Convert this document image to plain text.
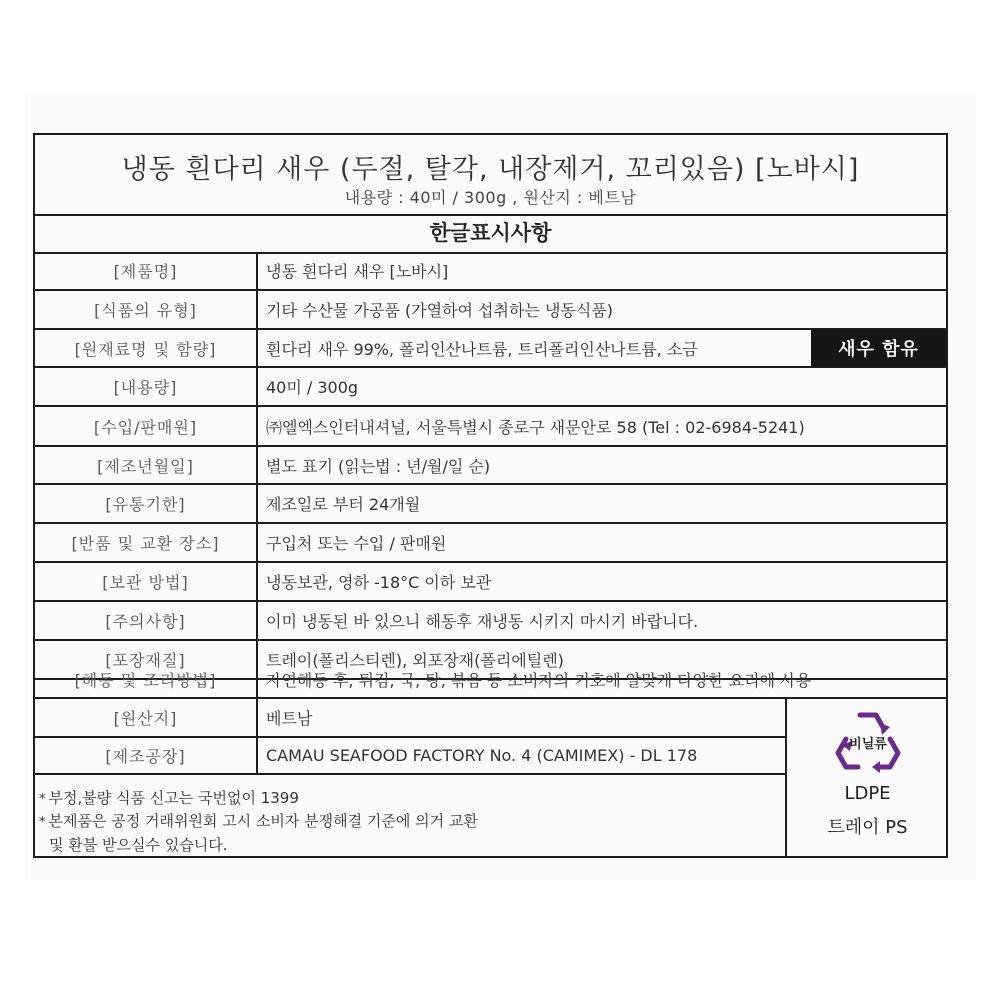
냉동 흰다리 새우 (두절, 탈각, 내장제거, 꼬리있음) [노바시]
내용량 : 40미 / 300g , 원산지 : 베트남
한글표시사항
[제품명]	냉동 흰다리 새우 [노바시]
[식품의 유형]	기타 수산물 가공품 (가열하여 섭취하는 냉동식품)
[원재료명 및 함량]	흰다리 새우 99%, 폴리인산나트륨, 트리폴리인산나트륨, 소금	새우 함유
[내용량]	40미 / 300g
[수입/판매원]	㈜엘엑스인터내셔널, 서울특별시 종로구 새문안로 58 (Tel : 02-6984-5241)
[제조년월일]	별도 표기 (읽는법 : 년/월/일 순)
[유통기한]	제조일로 부터 24개월
[반품 및 교환 장소]	구입처 또는 수입 / 판매원
[보관 방법]	냉동보관, 영하 -18°C 이하 보관
[주의사항]	이미 냉동된 바 있으니 해동후 재냉동 시키지 마시기 바랍니다.
[포장재질]	트레이(폴리스티렌), 외포장재(폴리에틸렌)
[해동 및 조리방법]	자연해동 후, 튀김, 국, 탕, 볶음 등 소비자의 기호에 알맞게 다양한 요리에 사용
[원산지]	베트남
[제조공장]	CAMAU SEAFOOD FACTORY No. 4 (CAMIMEX) - DL 178
* 부정,불량 식품 신고는 국번없이 1399
* 본제품은 공정 거래위원회 고시 소비자 분쟁해결 기준에 의거 교환
및 환불 받으실수 있습니다.
비닐류
LDPE
트레이 PS
